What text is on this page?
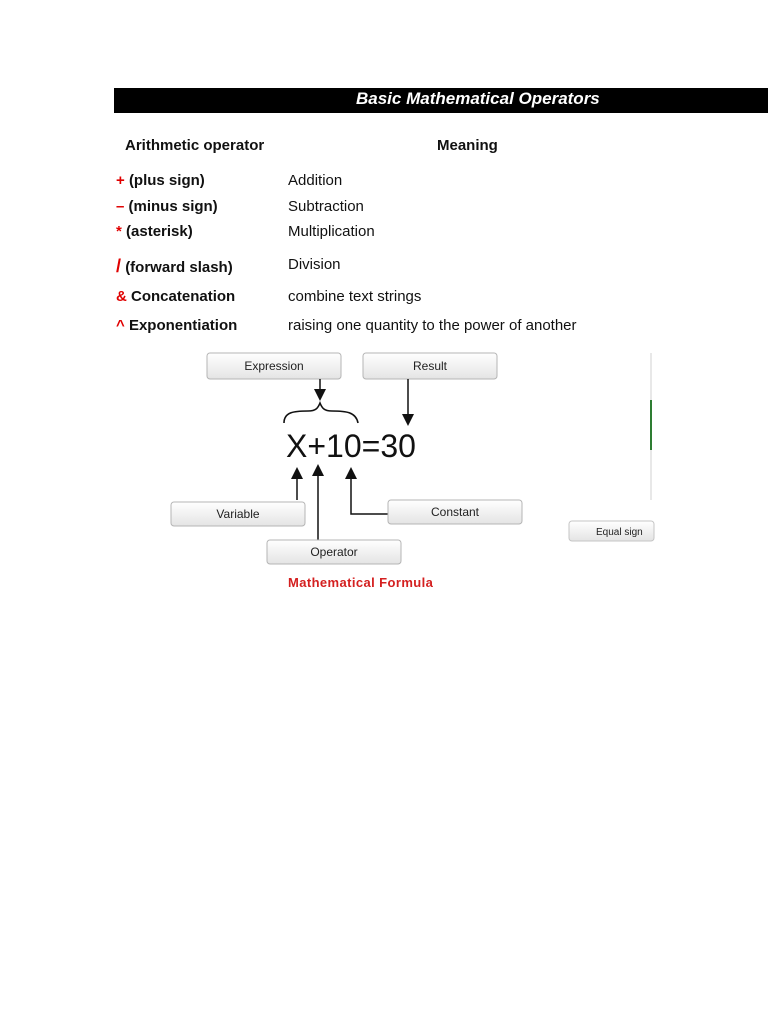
Basic Mathematical Operators
Arithmetic operator	Meaning
+ (plus sign)	Addition
– (minus sign)	Subtraction
* (asterisk)	Multiplication
/ (forward slash)	Division
& Concatenation	combine text strings
^ Exponentiation	raising one quantity to the power of another
Expression	Result
X+10=30
Variable	Constant
Operator
Equal sign
Mathematical Formula
